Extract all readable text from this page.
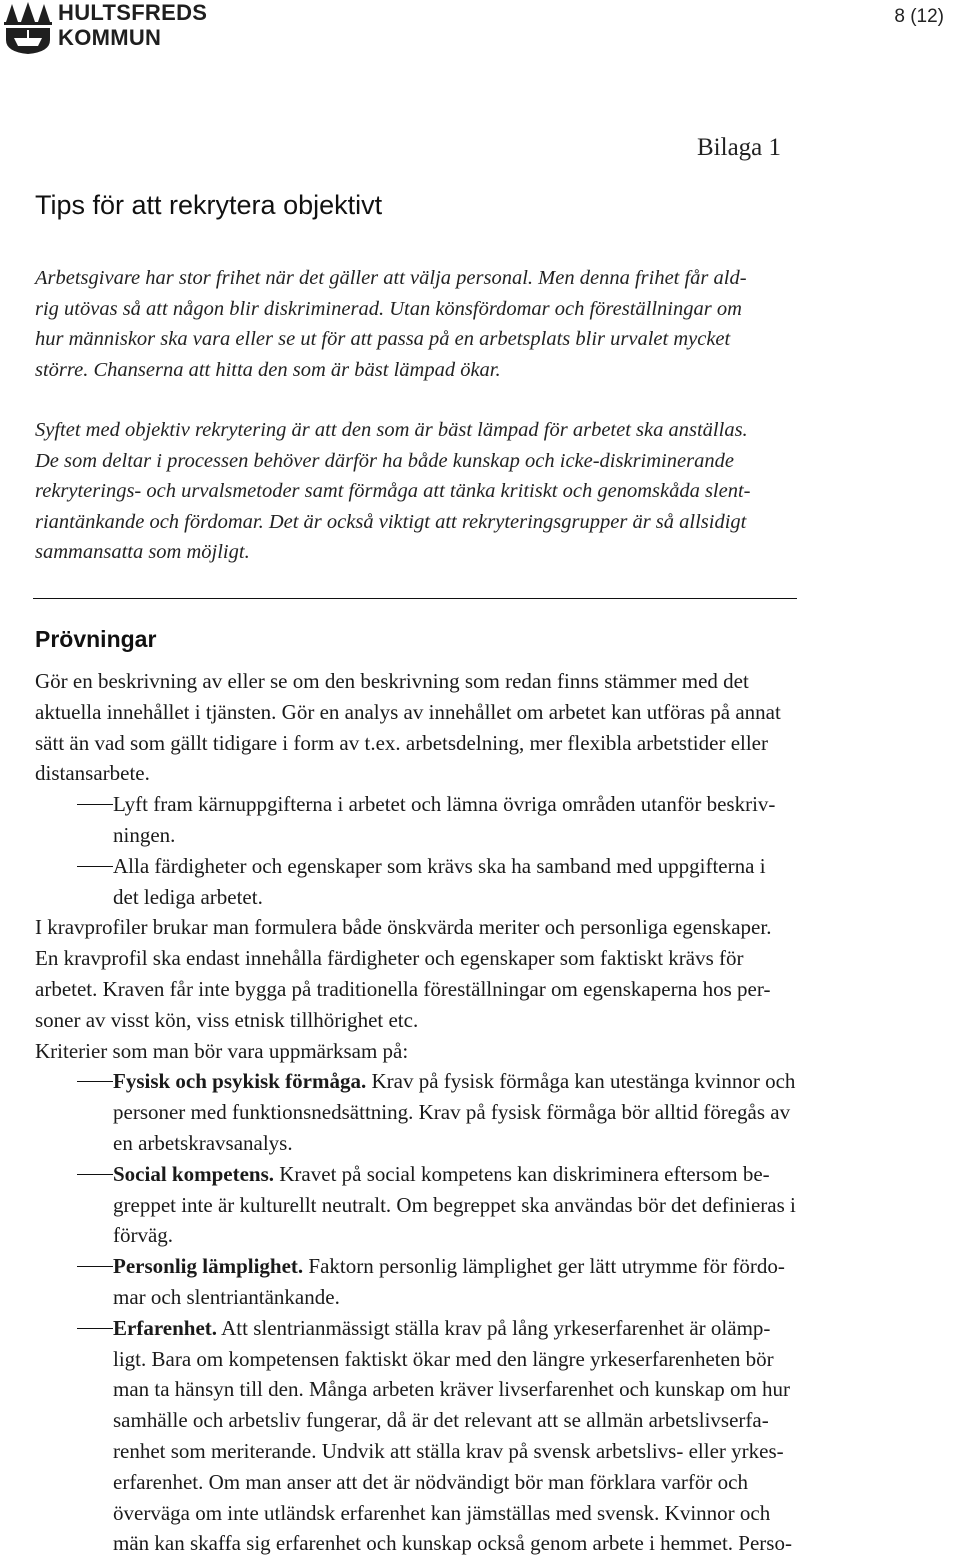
HULTSFREDS
KOMMUN
8 (12)
Bilaga 1
Tips för att rekrytera objektivt
Arbetsgivare har stor frihet när det gäller att välja personal. Men denna frihet får ald-
rig utövas så att någon blir diskriminerad. Utan könsfördomar och föreställningar om
hur människor ska vara eller se ut för att passa på en arbetsplats blir urvalet mycket
större. Chanserna att hitta den som är bäst lämpad ökar.
Syftet med objektiv rekrytering är att den som är bäst lämpad för arbetet ska anställas.
De som deltar i processen behöver därför ha både kunskap och icke-diskriminerande
rekryterings- och urvalsmetoder samt förmåga att tänka kritiskt och genomskåda slent-
riantänkande och fördomar. Det är också viktigt att rekryteringsgrupper är så allsidigt
sammansatta som möjligt.
Prövningar
Gör en beskrivning av eller se om den beskrivning som redan finns stämmer med det
aktuella innehållet i tjänsten. Gör en analys av innehållet om arbetet kan utföras på annat
sätt än vad som gällt tidigare i form av t.ex. arbetsdelning, mer flexibla arbetstider eller
distansarbete.
Lyft fram kärnuppgifterna i arbetet och lämna övriga områden utanför beskriv-
ningen.
Alla färdigheter och egenskaper som krävs ska ha samband med uppgifterna i
det lediga arbetet.
I kravprofiler brukar man formulera både önskvärda meriter och personliga egenskaper.
En kravprofil ska endast innehålla färdigheter och egenskaper som faktiskt krävs för
arbetet. Kraven får inte bygga på traditionella föreställningar om egenskaperna hos per-
soner av visst kön, viss etnisk tillhörighet etc.
Kriterier som man bör vara uppmärksam på:
Fysisk och psykisk förmåga. Krav på fysisk förmåga kan utestänga kvinnor och
personer med funktionsnedsättning. Krav på fysisk förmåga bör alltid föregås av
en arbetskravsanalys.
Social kompetens. Kravet på social kompetens kan diskriminera eftersom be-
greppet inte är kulturellt neutralt. Om begreppet ska användas bör det definieras i
förväg.
Personlig lämplighet. Faktorn personlig lämplighet ger lätt utrymme för fördo-
mar och slentriantänkande.
Erfarenhet. Att slentrianmässigt ställa krav på lång yrkeserfarenhet är olämp-
ligt. Bara om kompetensen faktiskt ökar med den längre yrkeserfarenheten bör
man ta hänsyn till den. Många arbeten kräver livserfarenhet och kunskap om hur
samhälle och arbetsliv fungerar, då är det relevant att se allmän arbetslivserfa-
renhet som meriterande. Undvik att ställa krav på svensk arbetslivs- eller yrkes-
erfarenhet. Om man anser att det är nödvändigt bör man förklara varför och
överväga om inte utländsk erfarenhet kan jämställas med svensk. Kvinnor och
män kan skaffa sig erfarenhet och kunskap också genom arbete i hemmet. Perso-
